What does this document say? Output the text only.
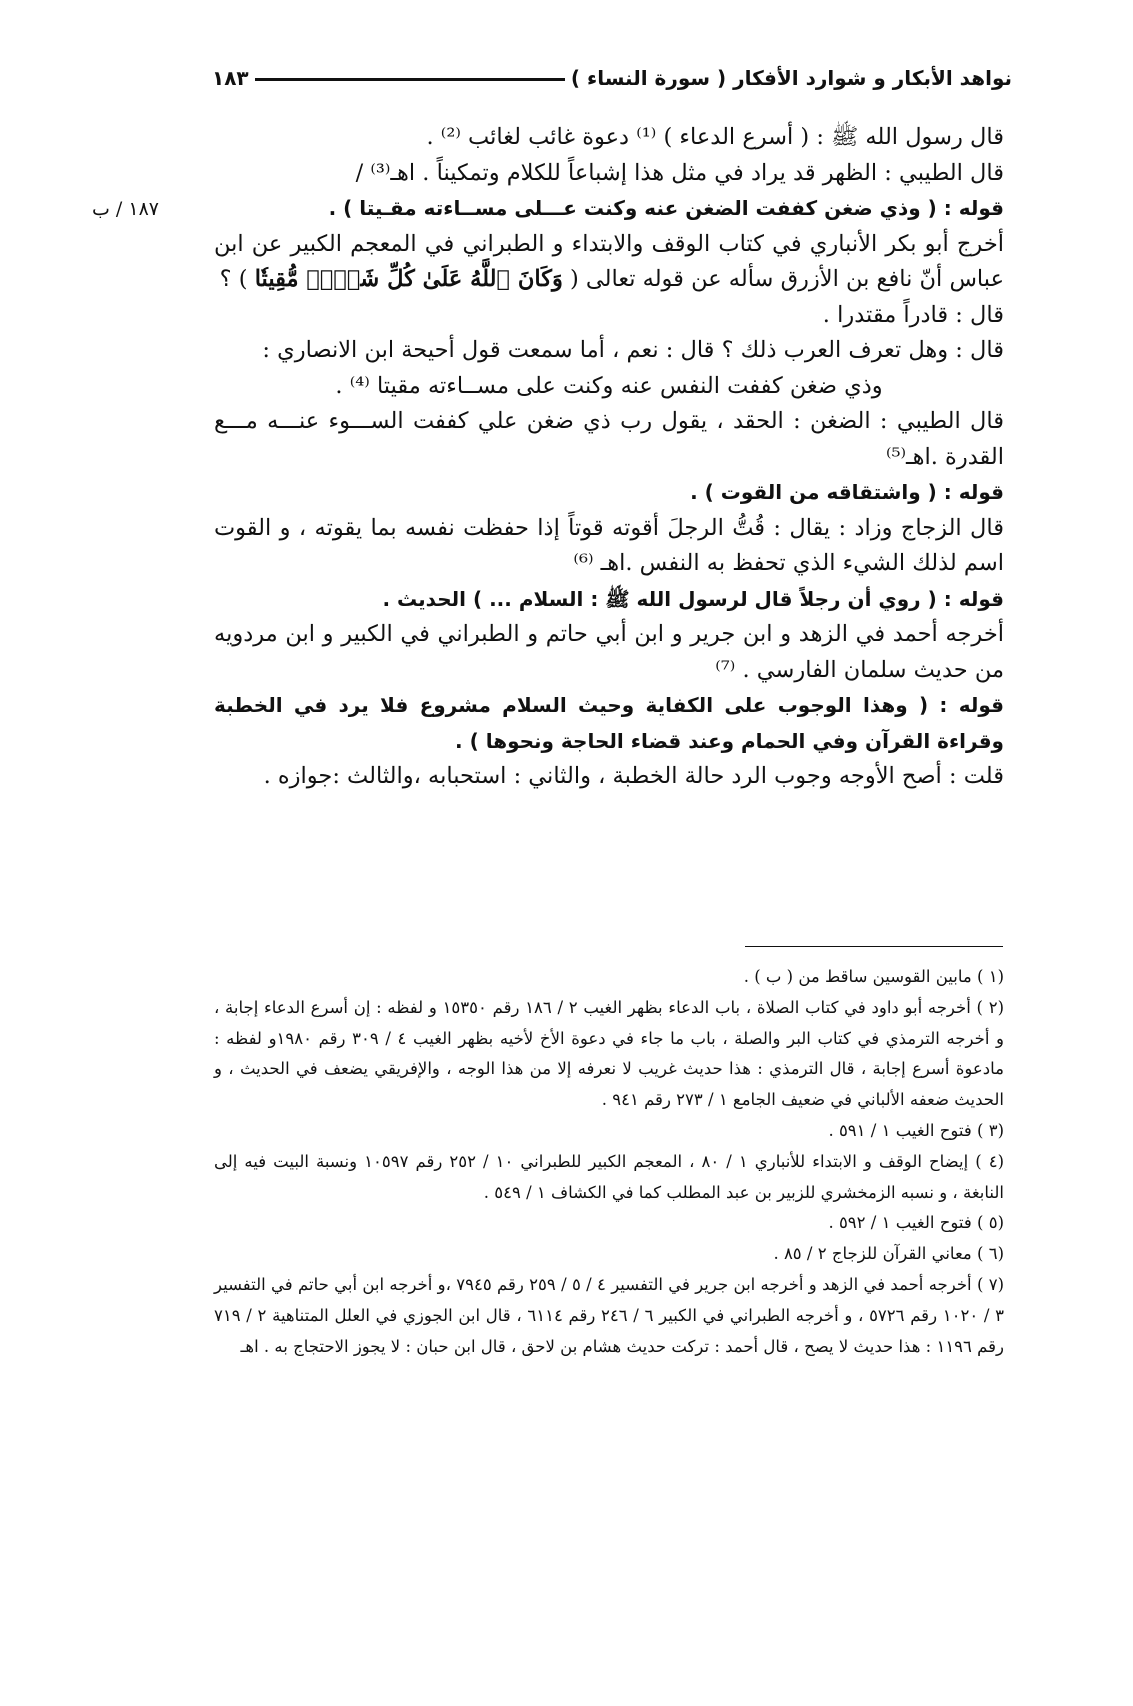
نواهد الأبكار و شوارد الأفكار ( سورة النساء )
١٨٣
١٨٧ / ب

قال رسول الله ﷺ : ( أسرع الدعاء ) ⁽¹⁾ دعوة غائب لغائب ⁽²⁾ .

قال الطيبي : الظهر قد يراد في مثل هذا إشباعاً للكلام وتمكيناً . اهـ⁽³⁾ /

قوله : ( وذي ضغن كففت الضغن عنه وكنت عـــلى مســاءته مقـيتا ) .

أخرج أبو بكر الأنباري في كتاب الوقف والابتداء و الطبراني في المعجم الكبير عن ابن عباس أنّ نافع بن الأزرق سأله عن قوله تعالى ( وَكَانَ ٱللَّهُ عَلَىٰ كُلِّ شَيۡءٖ مُّقِيتٗا ) ؟

قال : قادراً مقتدرا .

قال : وهل تعرف العرب ذلك ؟ قال : نعم ، أما سمعت قول أحيحة ابن الانصاري :

وذي ضغن كففت النفس عنه وكنت على مســاءته مقيتا ⁽⁴⁾ .

قال الطيبي : الضغن : الحقد ، يقول رب ذي ضغن علي كففت الســـوء عنـــه مـــع القدرة .اهـ⁽⁵⁾

قوله : ( واشتقاقه من القوت ) .

قال الزجاج وزاد : يقال : قُتُّ الرجلَ أقوته قوتاً إذا حفظت نفسه بما يقوته ، و القوت اسم لذلك الشيء الذي تحفظ به النفس .اهـ ⁽⁶⁾

قوله : ( روي أن رجلاً قال لرسول الله ﷺ : السلام ... ) الحديث .

أخرجه أحمد في الزهد و ابن جرير و ابن أبي حاتم و الطبراني في الكبير و ابن مردويه من حديث سلمان الفارسي . ⁽⁷⁾

قوله : ( وهذا الوجوب على الكفاية وحيث السلام مشروع فلا يرد في الخطبة وقراءة القرآن وفي الحمام وعند قضاء الحاجة ونحوها ) .

قلت : أصح الأوجه وجوب الرد حالة الخطبة ، والثاني : استحبابه ،والثالث :جوازه .

(١ ) مابين القوسين ساقط من ( ب ) .

(٢ ) أخرجه أبو داود في كتاب الصلاة ، باب الدعاء بظهر الغيب ٢ / ١٨٦ رقم ١٥٣٥٠ و لفظه : إن أسرع الدعاء إجابة ، و أخرجه الترمذي في كتاب البر والصلة ، باب ما جاء في دعوة الأخ لأخيه بظهر الغيب ٤ / ٣٠٩ رقم ١٩٨٠و لفظه : مادعوة أسرع إجابة ، قال الترمذي : هذا حديث غريب لا نعرفه إلا من هذا الوجه ، والإفريقي يضعف في الحديث ، و الحديث ضعفه الألباني في ضعيف الجامع ١ / ٢٧٣ رقم ٩٤١ .

(٣ ) فتوح الغيب ١ / ٥٩١ .

(٤ ) إيضاح الوقف و الابتداء للأنباري ١ / ٨٠ ، المعجم الكبير للطبراني ١٠ / ٢٥٢ رقم ١٠٥٩٧ ونسبة البيت فيه إلى النابغة ، و نسبه الزمخشري للزبير بن عبد المطلب كما في الكشاف ١ / ٥٤٩ .

(٥ ) فتوح الغيب ١ / ٥٩٢ .

(٦ ) معاني القرآن للزجاج ٢ / ٨٥ .

(٧ ) أخرجه أحمد في الزهد و أخرجه ابن جرير في التفسير ٤ / ٥ / ٢٥٩ رقم ٧٩٤٥ ،و أخرجه ابن أبي حاتم في التفسير ٣ / ١٠٢٠ رقم ٥٧٢٦ ، و أخرجه الطبراني في الكبير ٦ / ٢٤٦ رقم ٦١١٤ ، قال ابن الجوزي في العلل المتناهية ٢ / ٧١٩ رقم ١١٩٦ : هذا حديث لا يصح ، قال أحمد : تركت حديث هشام بن لاحق ، قال ابن حبان : لا يجوز الاحتجاج به . اهـ
